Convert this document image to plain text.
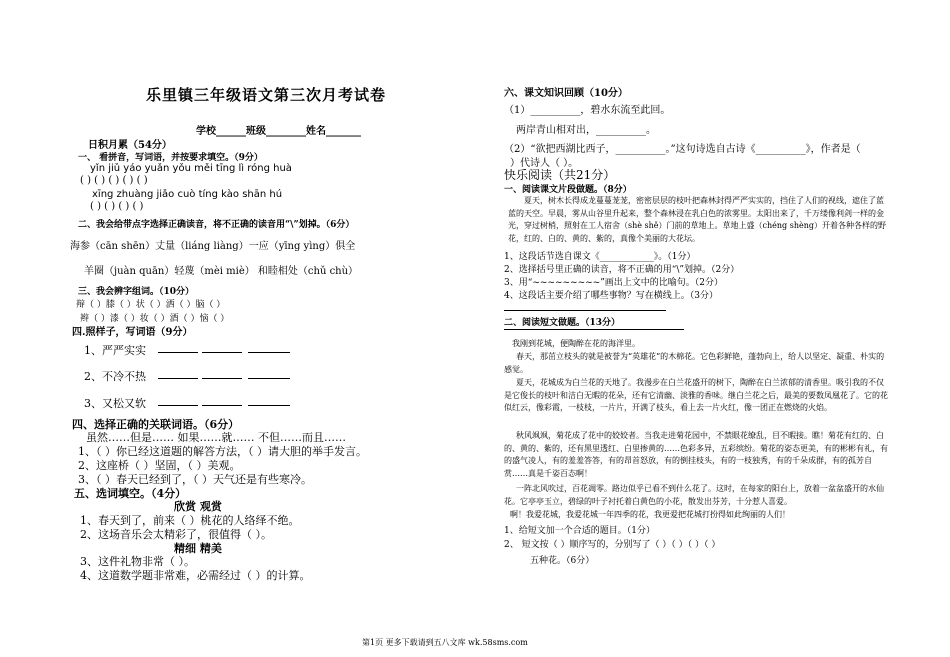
乐里镇三年级语文第三次月考试卷
学校______班级________姓名_______
日积月累（54分）
一、 看拼音，写词语，并按要求填空。（9分）
yǐn jiǔ yáo yuǎn yǒu měi tīng lì róng huà
( ) ( ) ( ) ( ) ( )
xīng zhuàng jiǎo cuò tíng kào shān hú
( ) ( ) ( ) ( )
二、我会给带点字选择正确读音，将不正确的读音用“\”划掉。（6分）
海参（cān shēn）丈量（liáng liàng）一应（yīng yìng）俱全
羊圈（juàn quān）轻蔑（mèi miè） 和睦相处（chǔ chù）
三、我会辨字组词。（10分）
辩（ ）膝（ ）状（ ）洒（ ）脑（ ）
辫（ ）漆（ ）妆（ ）酒（ ）恼（ ）
四.照样子，写词语（9分）
1、严严实实
2、不冷不热
3、又松又软
四、选择正确的关联词语。（6分）
虽然……但是…… 如果……就…… 不但……而且……
1、（ ）你已经这道题的解答方法，（ ）请大胆的举手发言。
2、这座桥（ ）坚固，（ ）美观。
3、（ ）春天已经到了，（ ）天气还是有些寒冷。
五、选词填空。（4分）
欣赏 观赏
1、春天到了，前来（ ）桃花的人络绎不绝。
2、这场音乐会太精彩了，很值得（ ）。
精细 精美
3、这件礼物非常（ ）。
4、这道数学题非常难，必需经过（ ）的计算。
六、课文知识回顾（10分）
（1）__________，碧水东流至此回。
两岸青山相对出，__________。
（2）“欲把西湖比西子，__________。”这句诗选自古诗《__________》，作者是（
）代诗人（ ）。
快乐阅读（共21分）
一、阅读课文片段做题。（8分）
夏天，树木长得成龙蔓蔓茏茏，密密层层的枝叶把森林封得严严实实的，挡住了人们的视线，遮住了蓝蓝的天空。早晨，雾从山谷里升起来，整个森林浸在乳白色的浓雾里。太阳出来了，千万缕像利剑一样的金光，穿过树梢，照射在工人宿舍（shè shě）门前的草地上。草地上盛（chéng shèng）开着各种各样的野花，红的、白的、黄的、紫的，真像个美丽的大花坛。
1、这段话节选自课文《____________》。（1分）
2、选择括号里正确的读音，将不正确的用“\”划掉。（2分）
3、用“~~~~~~~~~”画出上文中的比喻句。（2分）
4、这段话主要介绍了哪些事物？写在横线上。（3分）
二、阅读短文做题。（13分）
我刚到花城，便陶醉在花的海洋里。
春天，那茁立枝头的就是被誉为“英雄花”的木棉花。它色彩鲜艳，蓬勃向上，给人以坚定、凝重、朴实的感觉。
夏天，花城成为白兰花的天地了。我漫步在白兰花盛开的树下，陶醉在白兰浓郁的清香里。吸引我的不仅是它俊长的枝叶和洁白无暇的花朵，还有它清幽、淡雅的香味。继白兰花之后，最美的要数凤凰花了。它的花似红云，像彩霞，一枝枝，一片片，开满了枝头，看上去一片火红，像一团正在燃烧的火焰。
秋风飒飒，菊花成了花中的姣姣者。当我走进菊花园中，不禁眼花缭乱，目不暇接。瞧！菊花有红的、白的、黄的、紫的，还有黑里透红、白里掺黄的……色彩多异，五彩缤纷。菊花的姿态更美，有的彬彬有礼，有的盛气凌人，有的羞羞答答，有的昂首怒放，有的倒挂枝头，有的一枝独秀，有的千朵成群，有的孤芳自赏……真是千姿百态啊！
一阵北风吹过，百花凋零。路边似乎已看不到什么花了。这时，在每家的阳台上，放着一盆盆盛开的水仙花。它亭亭玉立，碧绿的叶子衬托着白黄色的小花，散发出芬芳，十分惹人喜爱。
啊！我爱花城，我爱花城一年四季的花，我更爱把花城打扮得如此绚丽的人们！
1、给短文加一个合适的题目。（1分）
2、 短文按（ ）顺序写的，分别写了（ ）（ ）（ ）（ ）
五种花。（6分）
第1页 更多下载请到五八文库 wk.58sms.com
